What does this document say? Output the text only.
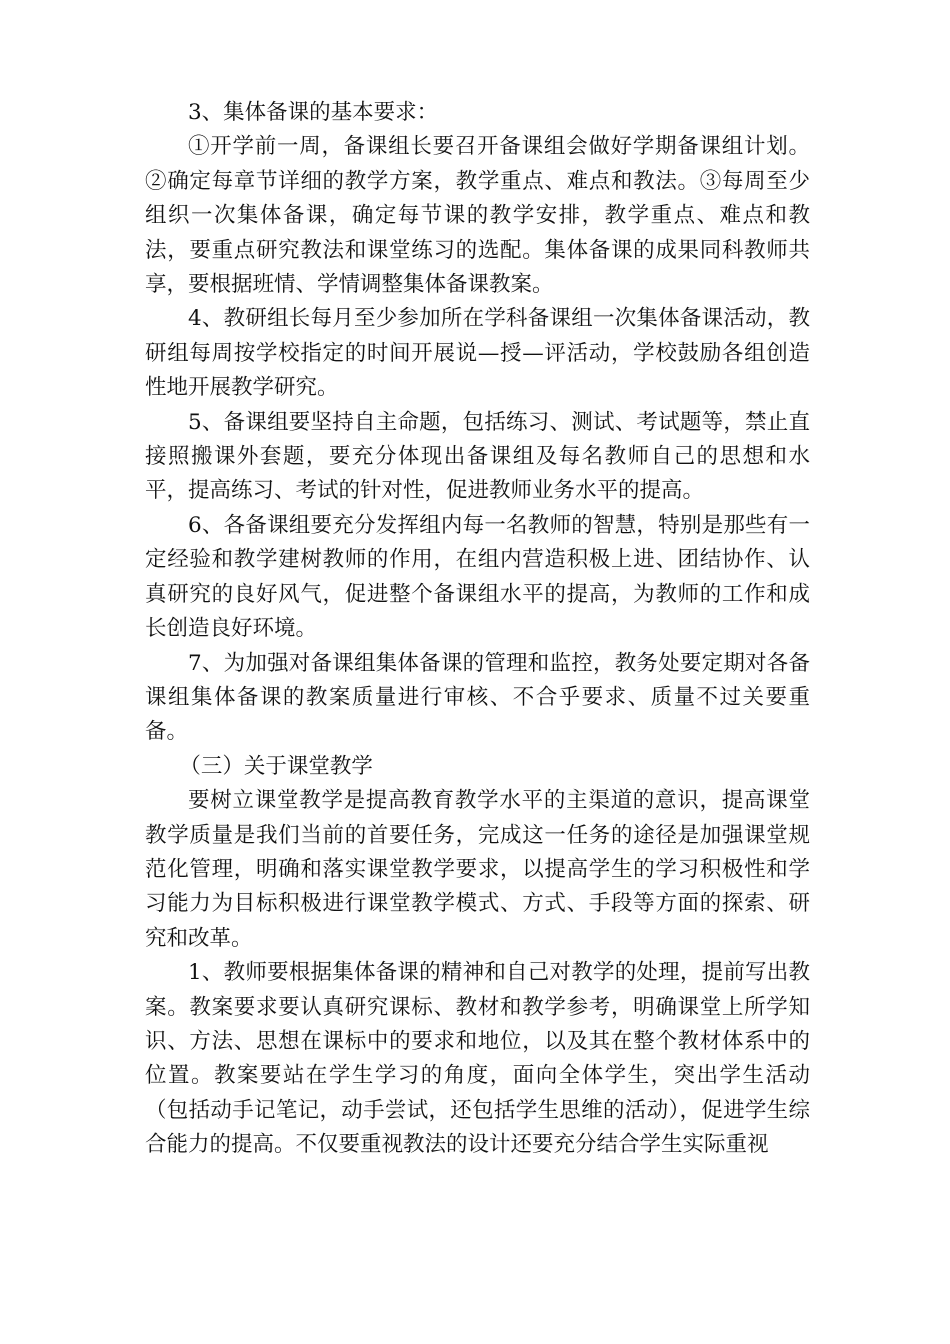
3、集体备课的基本要求：

①开学前一周，备课组长要召开备课组会做好学期备课组计划。②确定每章节详细的教学方案，教学重点、难点和教法。③每周至少组织一次集体备课，确定每节课的教学安排，教学重点、难点和教法，要重点研究教法和课堂练习的选配。集体备课的成果同科教师共享，要根据班情、学情调整集体备课教案。

4、教研组长每月至少参加所在学科备课组一次集体备课活动，教研组每周按学校指定的时间开展说—授—评活动，学校鼓励各组创造性地开展教学研究。

5、备课组要坚持自主命题，包括练习、测试、考试题等，禁止直接照搬课外套题，要充分体现出备课组及每名教师自己的思想和水平，提高练习、考试的针对性，促进教师业务水平的提高。

6、各备课组要充分发挥组内每一名教师的智慧，特别是那些有一定经验和教学建树教师的作用，在组内营造积极上进、团结协作、认真研究的良好风气，促进整个备课组水平的提高，为教师的工作和成长创造良好环境。

7、为加强对备课组集体备课的管理和监控，教务处要定期对各备课组集体备课的教案质量进行审核、不合乎要求、质量不过关要重备。

（三）关于课堂教学

要树立课堂教学是提高教育教学水平的主渠道的意识，提高课堂教学质量是我们当前的首要任务，完成这一任务的途径是加强课堂规范化管理，明确和落实课堂教学要求，以提高学生的学习积极性和学习能力为目标积极进行课堂教学模式、方式、手段等方面的探索、研究和改革。

1、教师要根据集体备课的精神和自己对教学的处理，提前写出教案。教案要求要认真研究课标、教材和教学参考，明确课堂上所学知识、方法、思想在课标中的要求和地位，以及其在整个教材体系中的位置。教案要站在学生学习的角度，面向全体学生，突出学生活动（包括动手记笔记，动手尝试，还包括学生思维的活动），促进学生综合能力的提高。不仅要重视教法的设计还要充分结合学生实际重视
